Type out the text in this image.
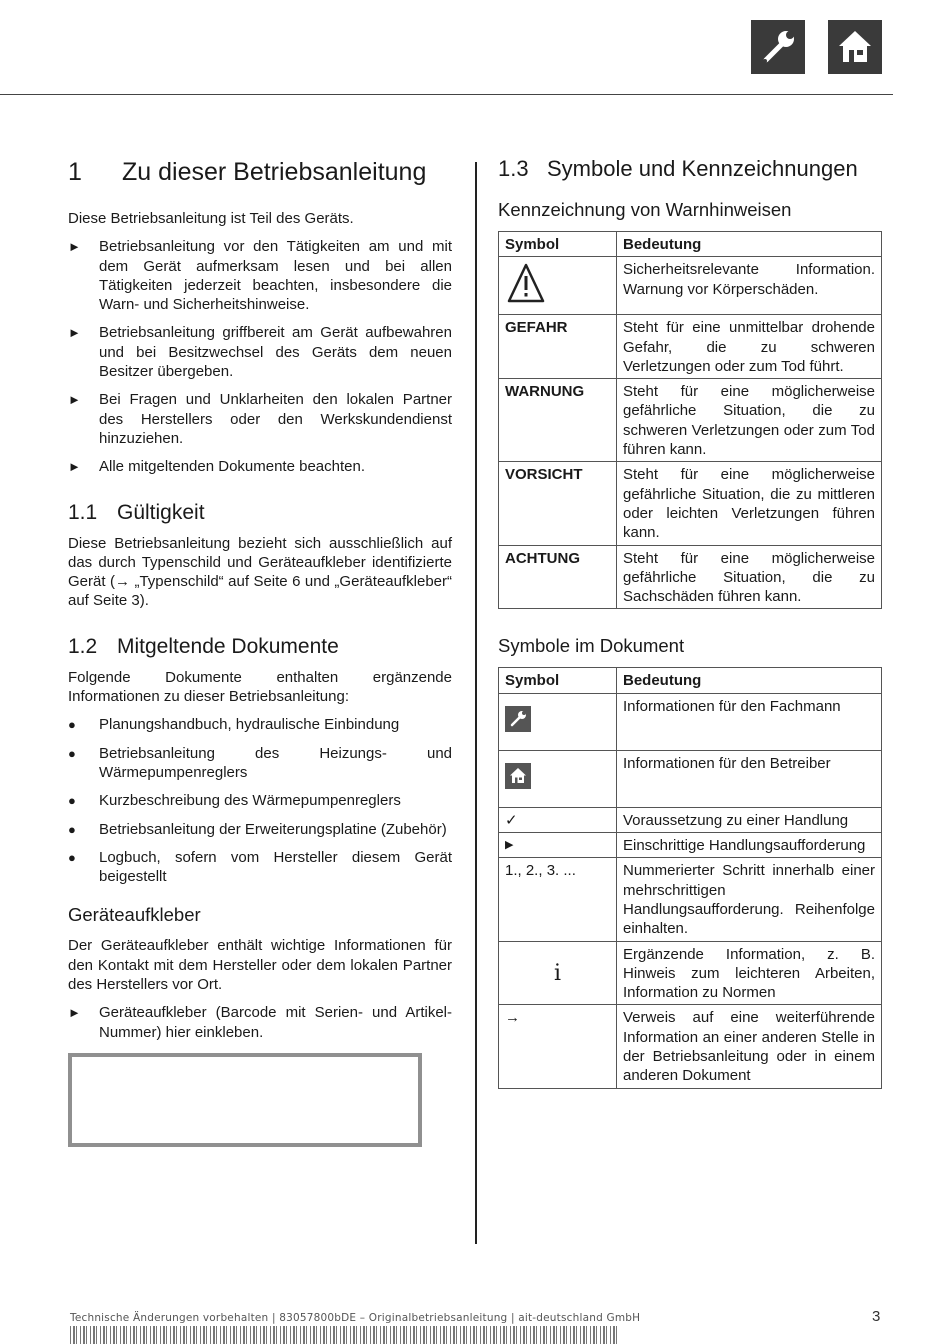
1	Zu dieser Betriebsanleitung

Diese Betriebsanleitung ist Teil des Geräts.

►	Betriebsanleitung vor den Tätigkeiten am und mit dem Gerät aufmerksam lesen und bei allen Tätigkeiten jederzeit beachten, insbesondere die Warn- und Sicherheitshinweise.
►	Betriebsanleitung griffbereit am Gerät aufbewahren und bei Besitzwechsel des Geräts dem neuen Besitzer übergeben.
►	Bei Fragen und Unklarheiten den lokalen Partner des Herstellers oder den Werkskundendienst hinzuziehen.
►	Alle mitgeltenden Dokumente beachten.
1.1 Gültigkeit

Diese Betriebsanleitung bezieht sich ausschließlich auf das durch Typenschild und Geräteaufkleber identifizierte Gerät (→ „Typenschild“ auf Seite 6 und „Geräteaufkleber“ auf Seite 3).

1.2 Mitgeltende Dokumente

Folgende Dokumente enthalten ergänzende Informationen zu dieser Betriebsanleitung:

●	Planungshandbuch, hydraulische Einbindung
●	Betriebsanleitung des Heizungs- und Wärmepumpenreglers
●	Kurzbeschreibung des Wärmepumpenreglers
●	Betriebsanleitung der Erweiterungsplatine (Zubehör)
●	Logbuch, sofern vom Hersteller diesem Gerät beigestellt
Geräteaufkleber

Der Geräteaufkleber enthält wichtige Informationen für den Kontakt mit dem Hersteller oder dem lokalen Partner des Herstellers vor Ort.

►	Geräteaufkleber (Barcode mit Serien- und Artikel-Nummer) hier einkleben.
1.3 Symbole und Kennzeichnungen
Kennzeichnung von Warnhinweisen
Symbol	Bedeutung
	Sicherheitsrelevante Information. Warnung vor Körperschäden.
GEFAHR	Steht für eine unmittelbar drohende Gefahr, die zu schweren Verletzungen oder zum Tod führt.
WARNUNG	Steht für eine möglicherweise gefährliche Situation, die zu schweren Verletzungen oder zum Tod führen kann.
VORSICHT	Steht für eine möglicherweise gefährliche Situation, die zu mittleren oder leichten Verletzungen führen kann.
ACHTUNG	Steht für eine möglicherweise gefährliche Situation, die zu Sachschäden führen kann.
Symbole im Dokument
Symbol	Bedeutung

	Informationen für den Fachmann

	Informationen für den Betreiber
✓	Voraussetzung zu einer Handlung
▶	Einschrittige Handlungsaufforderung
1., 2., 3. ...	Nummerierter Schritt innerhalb einer mehrschrittigen Handlungsaufforderung. Reihenfolge einhalten.
i	Ergänzende Information, z. B. Hinweis zum leichteren Arbeiten, Information zu Normen
→	Verweis auf eine weiterführende Information an einer anderen Stelle in der Betriebsanleitung oder in einem anderen Dokument
Technische Änderungen vorbehalten | 83057800bDE – Originalbetriebsanleitung | ait-deutschland GmbH	3
